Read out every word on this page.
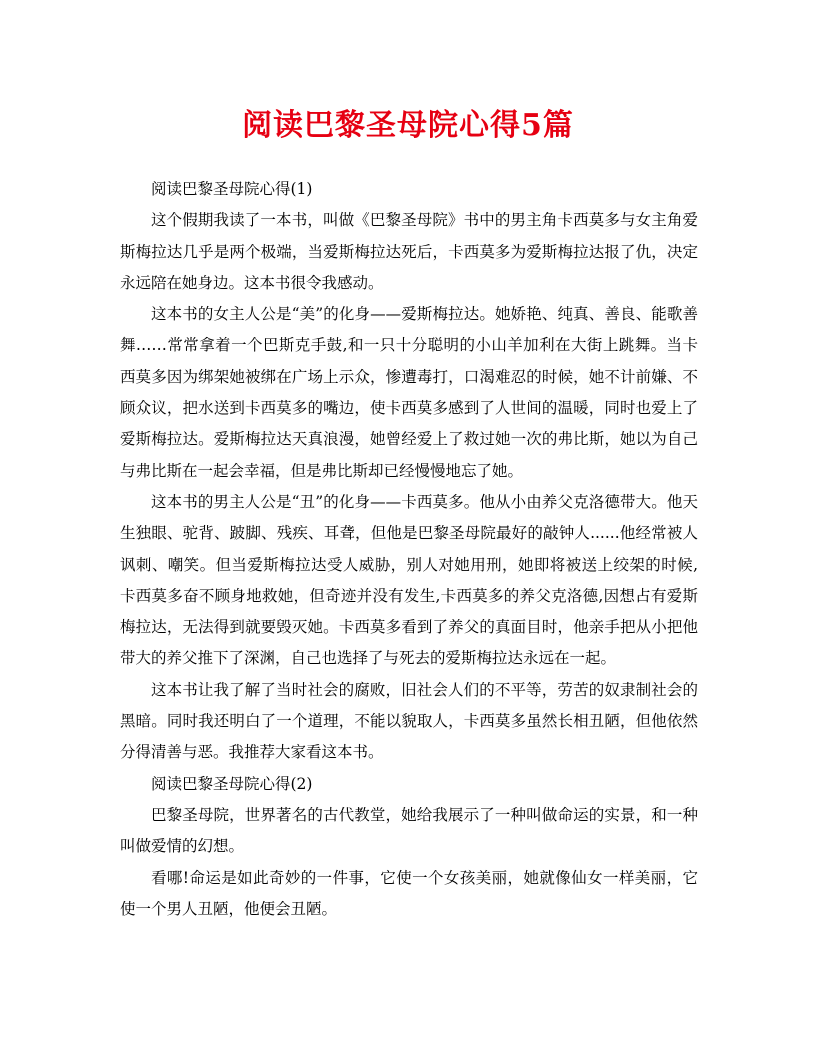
阅读巴黎圣母院心得5篇

阅读巴黎圣母院心得(1)

这个假期我读了一本书，叫做《巴黎圣母院》书中的男主角卡西莫多与女主角爱斯梅拉达几乎是两个极端，当爱斯梅拉达死后，卡西莫多为爱斯梅拉达报了仇，决定永远陪在她身边。这本书很令我感动。

这本书的女主人公是“美”的化身——爱斯梅拉达。她娇艳、纯真、善良、能歌善舞……常常拿着一个巴斯克手鼓,和一只十分聪明的小山羊加利在大街上跳舞。当卡西莫多因为绑架她被绑在广场上示众，惨遭毒打，口渴难忍的时候，她不计前嫌、不顾众议，把水送到卡西莫多的嘴边，使卡西莫多感到了人世间的温暖，同时也爱上了爱斯梅拉达。爱斯梅拉达天真浪漫，她曾经爱上了救过她一次的弗比斯，她以为自己与弗比斯在一起会幸福，但是弗比斯却已经慢慢地忘了她。

这本书的男主人公是“丑”的化身——卡西莫多。他从小由养父克洛德带大。他天生独眼、驼背、跛脚、残疾、耳聋，但他是巴黎圣母院最好的敲钟人......他经常被人讽刺、嘲笑。但当爱斯梅拉达受人威胁，别人对她用刑，她即将被送上绞架的时候,卡西莫多奋不顾身地救她，但奇迹并没有发生,卡西莫多的养父克洛德,因想占有爱斯梅拉达，无法得到就要毁灭她。卡西莫多看到了养父的真面目时，他亲手把从小把他带大的养父推下了深渊，自己也选择了与死去的爱斯梅拉达永远在一起。

这本书让我了解了当时社会的腐败，旧社会人们的不平等，劳苦的奴隶制社会的黑暗。同时我还明白了一个道理，不能以貌取人，卡西莫多虽然长相丑陋，但他依然分得清善与恶。我推荐大家看这本书。

阅读巴黎圣母院心得(2)

巴黎圣母院，世界著名的古代教堂，她给我展示了一种叫做命运的实景，和一种叫做爱情的幻想。

看哪!命运是如此奇妙的一件事，它使一个女孩美丽，她就像仙女一样美丽，它使一个男人丑陋，他便会丑陋。
